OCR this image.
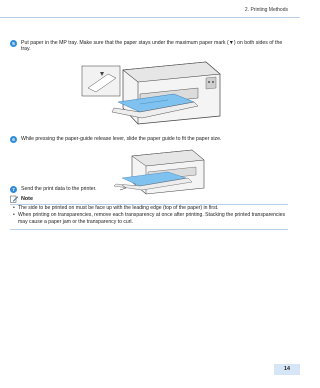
2. Printing Methods
5	Put paper in the MP tray. Make sure that the paper stays under the maximum paper mark (▼) on both sides of the tray.
6	While pressing the paper-guide release lever, slide the paper guide to fit the paper size.
7	Send the print data to the printer.
Note
• The side to be printed on must be face up with the leading edge (top of the paper) in first.
• When printing on transparencies, remove each transparency at once after printing. Stacking the printed transparencies may cause a paper jam or the transparency to curl.
14
